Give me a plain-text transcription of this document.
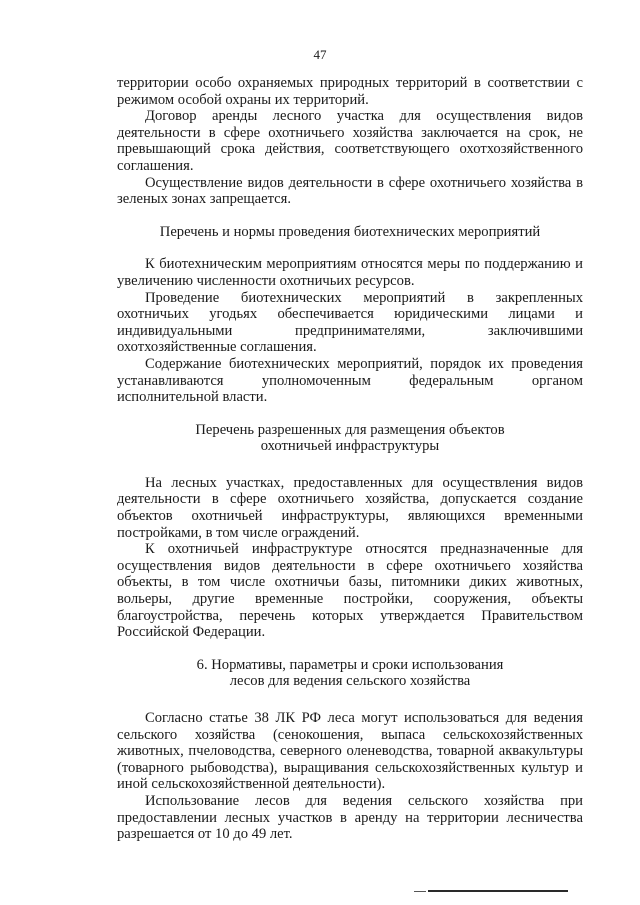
47

территории особо охраняемых природных территорий в соответствии с режимом особой охраны их территорий.

Договор аренды лесного участка для осуществления видов деятельности в сфере охотничьего хозяйства заключается на срок, не превышающий срока действия, соответствующего охотхозяйственного соглашения.

Осуществление видов деятельности в сфере охотничьего хозяйства в зеленых зонах запрещается.

Перечень и нормы проведения биотехнических мероприятий

К биотехническим мероприятиям относятся меры по поддержанию и увеличению численности охотничьих ресурсов.

Проведение биотехнических мероприятий в закрепленных охотничьих угодьях обеспечивается юридическими лицами и индивидуальными предпринимателями, заключившими охотхозяйственные соглашения.

Содержание биотехнических мероприятий, порядок их проведения устанавливаются уполномоченным федеральным органом исполнительной власти.

Перечень разрешенных для размещения объектов

охотничьей инфраструктуры

На лесных участках, предоставленных для осуществления видов деятельности в сфере охотничьего хозяйства, допускается создание объектов охотничьей инфраструктуры, являющихся временными постройками, в том числе ограждений.

К охотничьей инфраструктуре относятся предназначенные для осуществления видов деятельности в сфере охотничьего хозяйства объекты, в том числе охотничьи базы, питомники диких животных, вольеры, другие временные постройки, сооружения, объекты благоустройства, перечень которых утверждается Правительством Российской Федерации.

6. Нормативы, параметры и сроки использования

лесов для ведения сельского хозяйства

Согласно статье 38 ЛК РФ леса могут использоваться для ведения сельского хозяйства (сенокошения, выпаса сельскохозяйственных животных, пчеловодства, северного оленеводства, товарной аквакультуры (товарного рыбоводства), выращивания сельскохозяйственных культур и иной сельскохозяйственной деятельности).

Использование лесов для ведения сельского хозяйства при предоставлении лесных участков в аренду на территории лесничества разрешается от 10 до 49 лет.
